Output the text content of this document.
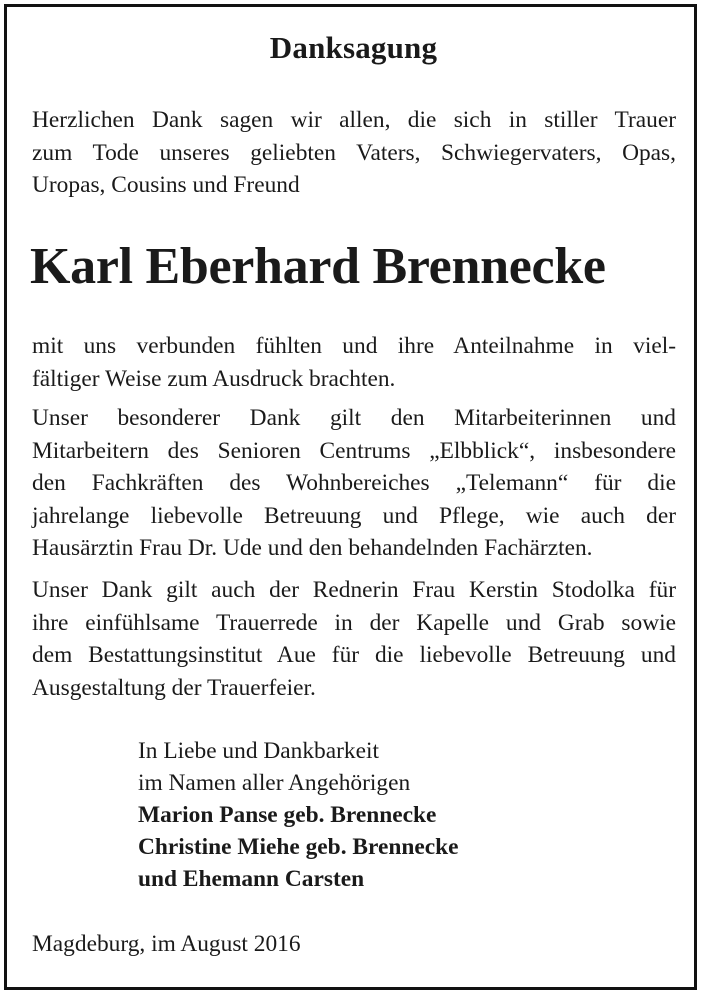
Danksagung

Herzlichen Dank sagen wir allen, die sich in stiller Trauer
zum Tode unseres geliebten Vaters, Schwiegervaters, Opas,
Uropas, Cousins und Freund

Karl Eberhard Brennecke

mit uns verbunden fühlten und ihre Anteilnahme in viel-
fältiger Weise zum Ausdruck brachten.

Unser besonderer Dank gilt den Mitarbeiterinnen und
Mitarbeitern des Senioren Centrums „Elbblick“, insbesondere
den Fachkräften des Wohnbereiches „Telemann“ für die
jahrelange liebevolle Betreuung und Pflege, wie auch der
Hausärztin Frau Dr. Ude und den behandelnden Fachärzten.

Unser Dank gilt auch der Rednerin Frau Kerstin Stodolka für
ihre einfühlsame Trauerrede in der Kapelle und Grab sowie
dem Bestattungsinstitut Aue für die liebevolle Betreuung und
Ausgestaltung der Trauerfeier.

In Liebe und Dankbarkeit
im Namen aller Angehörigen
Marion Panse geb. Brennecke
Christine Miehe geb. Brennecke
und Ehemann Carsten
Magdeburg, im August 2016
